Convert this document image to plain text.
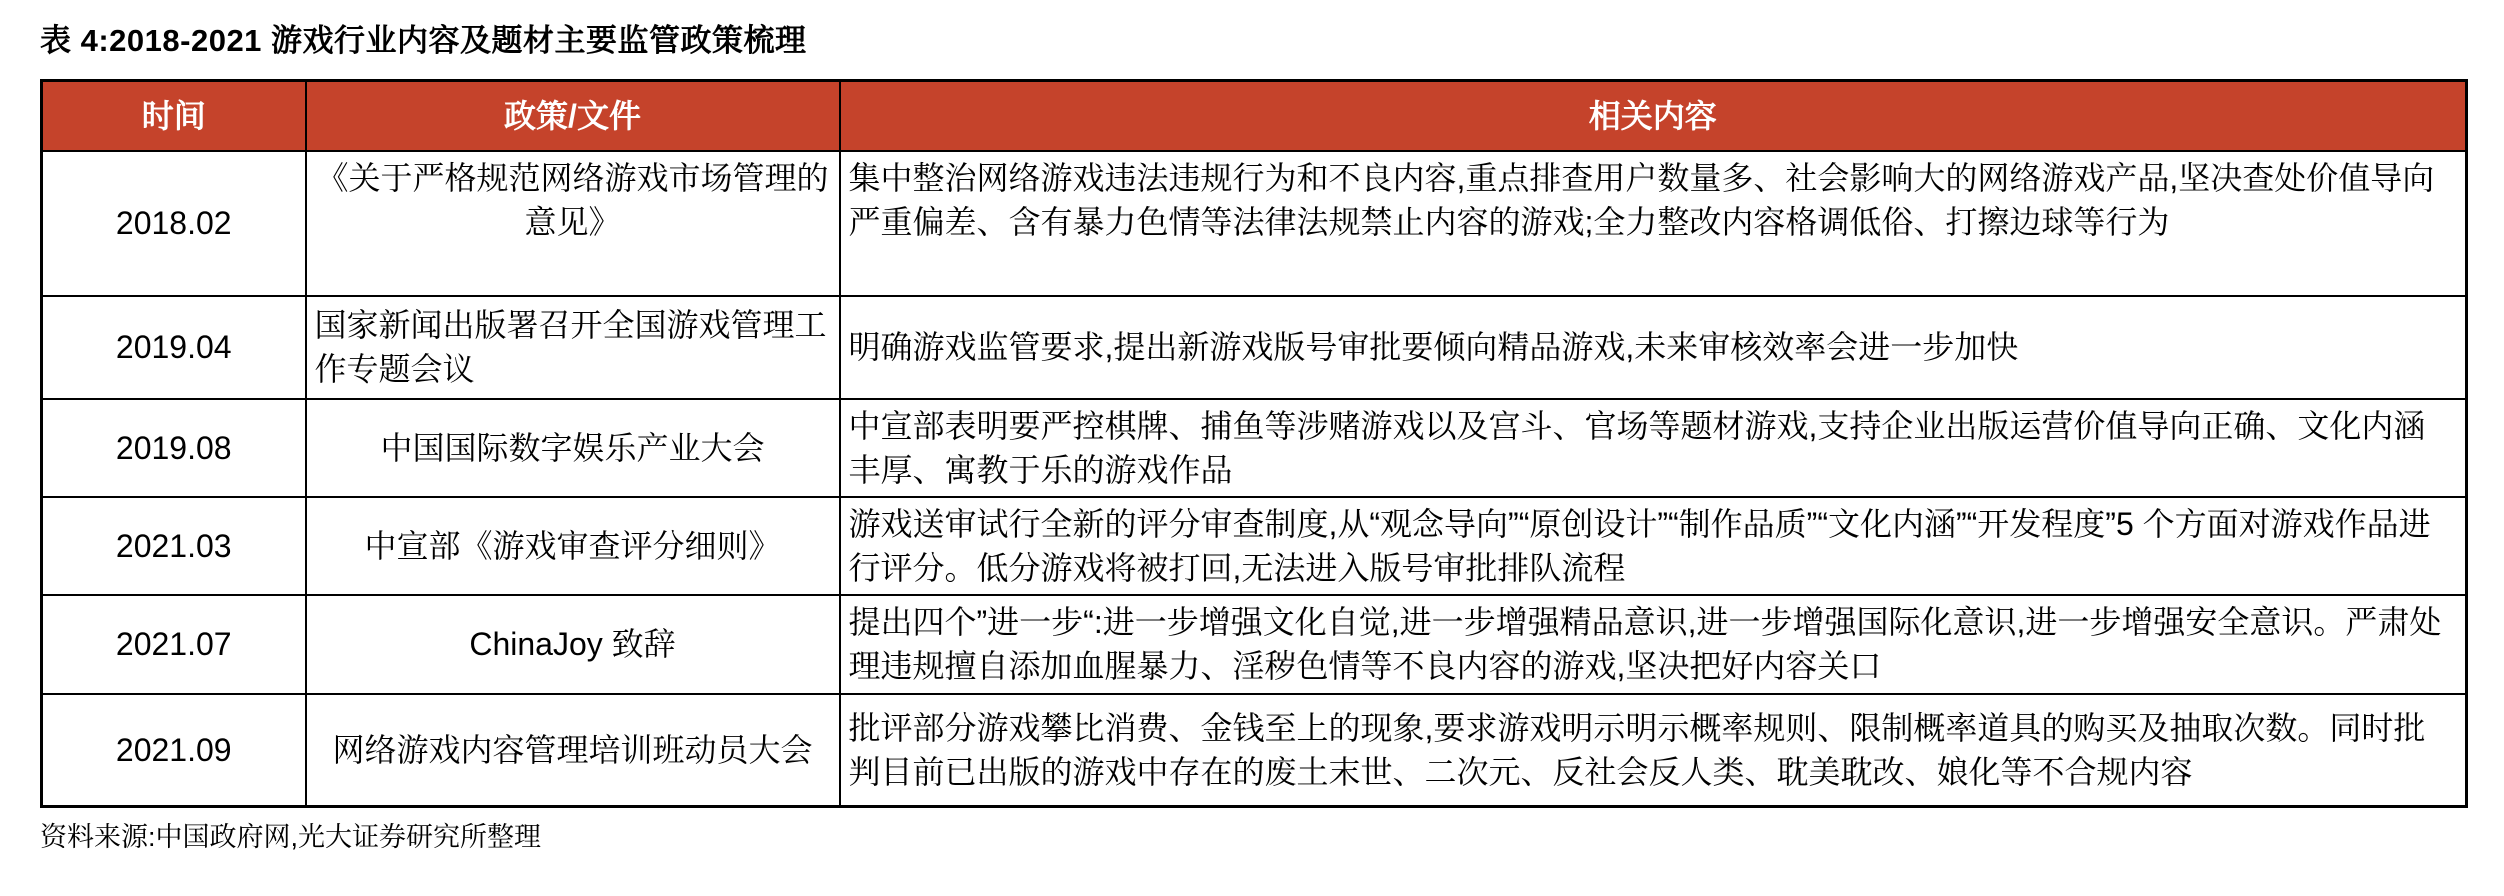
表 4:2018-2021 游戏行业内容及题材主要监管政策梳理
时间	政策/文件	相关内容
2018.02	《关于严格规范网络游戏市场管理的意见》	集中整治网络游戏违法违规行为和不良内容,重点排查用户数量多、社会影响大的网络游戏产品,坚决查处价值导向严重偏差、含有暴力色情等法律法规禁止内容的游戏;全力整改内容格调低俗、打擦边球等行为
2019.04	国家新闻出版署召开全国游戏管理工作专题会议	明确游戏监管要求,提出新游戏版号审批要倾向精品游戏,未来审核效率会进一步加快
2019.08	中国国际数字娱乐产业大会	中宣部表明要严控棋牌、捕鱼等涉赌游戏以及宫斗、官场等题材游戏,支持企业出版运营价值导向正确、文化内涵丰厚、寓教于乐的游戏作品
2021.03	中宣部《游戏审查评分细则》	游戏送审试行全新的评分审查制度,从“观念导向”“原创设计”“制作品质”“文化内涵”“开发程度”5 个方面对游戏作品进行评分。低分游戏将被打回,无法进入版号审批排队流程
2021.07	ChinaJoy 致辞	提出四个”进一步“:进一步增强文化自觉,进一步增强精品意识,进一步增强国际化意识,进一步增强安全意识。严肃处理违规擅自添加血腥暴力、淫秽色情等不良内容的游戏,坚决把好内容关口
2021.09	网络游戏内容管理培训班动员大会	批评部分游戏攀比消费、金钱至上的现象,要求游戏明示明示概率规则、限制概率道具的购买及抽取次数。同时批判目前已出版的游戏中存在的废土末世、二次元、反社会反人类、耽美耽改、娘化等不合规内容
资料来源:中国政府网,光大证券研究所整理
